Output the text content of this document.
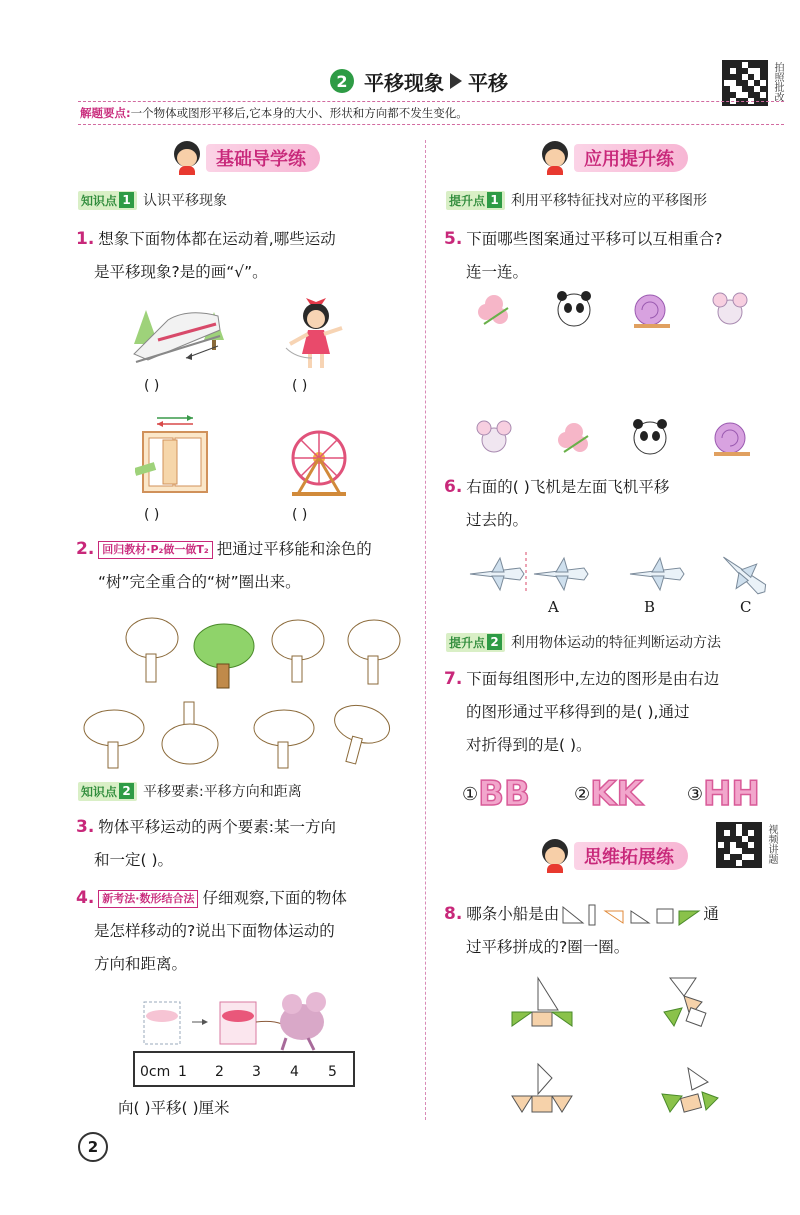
2 平移现象 平移	拍照批改
解题要点: 一个物体或图形平移后,它本身的大小、形状和方向都不发生变化。
基础导学练
知识点 1 认识平移现象
1. 想象下面物体都在运动着,哪些运动
是平移现象?是的画“√”。
( )	( )
( )	( )
2. 回归教材·P₂做一做T₂ 把通过平移能和涂色的
“树”完全重合的“树”圈出来。
知识点 2 平移要素:平移方向和距离
3. 物体平移运动的两个要素:某一方向
和一定( )。
4. 新考法·数形结合法 仔细观察,下面的物体
是怎样移动的?说出下面物体运动的
方向和距离。
0cm 1 2 3 4 5
向( )平移( )厘米
应用提升练
提升点 1 利用平移特征找对应的平移图形
5. 下面哪些图案通过平移可以互相重合?
连一连。
6. 右面的( )飞机是左面飞机平移
过去的。
A	B	C
提升点 2 利用物体运动的特征判断运动方法
7. 下面每组图形中,左边的图形是由右边
的图形通过平移得到的是( ),通过
对折得到的是( )。
① BB ② KK ③ HH
思维拓展练	视频讲题
8. 哪条小船是由	通
过平移拼成的?圈一圈。
2
